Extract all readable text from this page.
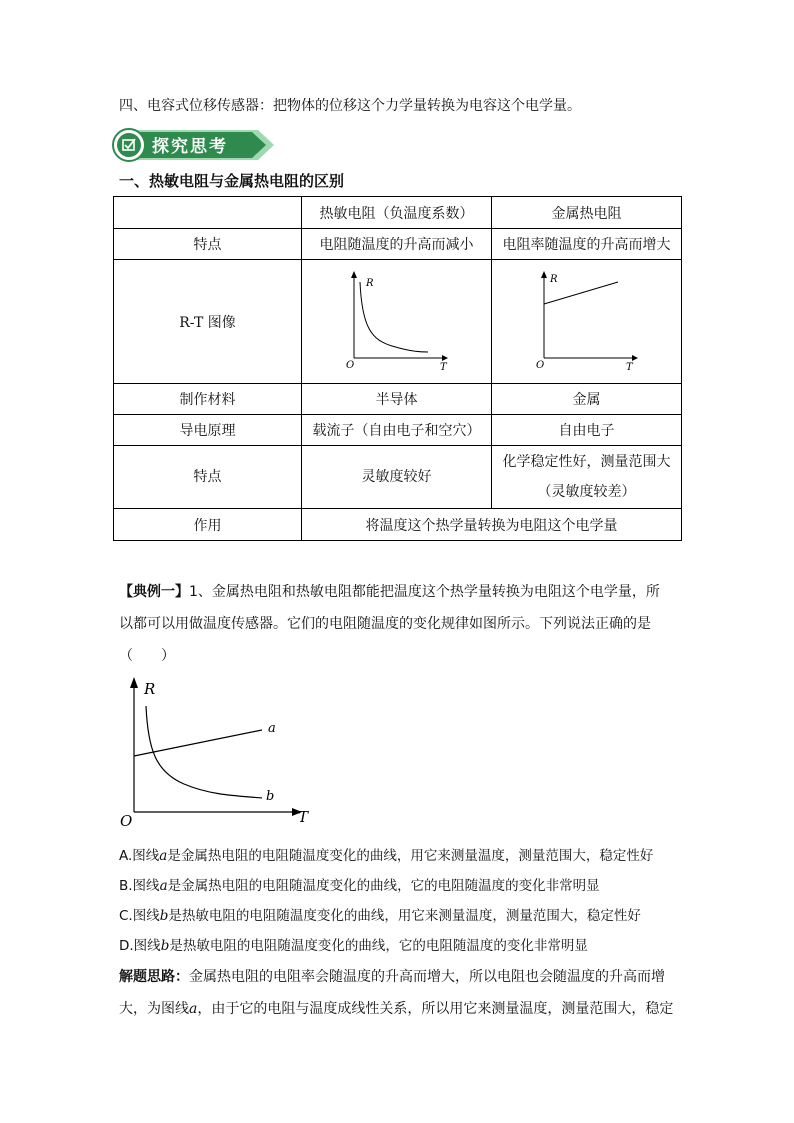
四、电容式位移传感器：把物体的位移这个力学量转换为电容这个电学量。
探究思考
一、热敏电阻与金属热电阻的区别
	热敏电阻（负温度系数）	金属热电阻
特点	电阻随温度的升高而减小	电阻率随温度的升高而增大
R-T 图像	R
T
O	R
T
O

制作材料	半导体	金属
导电原理	载流子（自由电子和空穴）	自由电子
特点	灵敏度较好	化学稳定性好，测量范围大
（灵敏度较差）

作用	将温度这个热学量转换为电阻这个电学量	
【典例一】1、金属热电阻和热敏电阻都能把温度这个热学量转换为电阻这个电学量，所
以都可以用做温度传感器。它们的电阻随温度的变化规律如图所示。下列说法正确的是
（　　）
R
T
O
a
b
A.图线a是金属热电阻的电阻随温度变化的曲线，用它来测量温度，测量范围大，稳定性好
B.图线a是金属热电阻的电阻随温度变化的曲线，它的电阻随温度的变化非常明显
C.图线b是热敏电阻的电阻随温度变化的曲线，用它来测量温度，测量范围大，稳定性好
D.图线b是热敏电阻的电阻随温度变化的曲线，它的电阻随温度的变化非常明显
解题思路：金属热电阻的电阻率会随温度的升高而增大，所以电阻也会随温度的升高而增
大，为图线a，由于它的电阻与温度成线性关系，所以用它来测量温度，测量范围大，稳定
